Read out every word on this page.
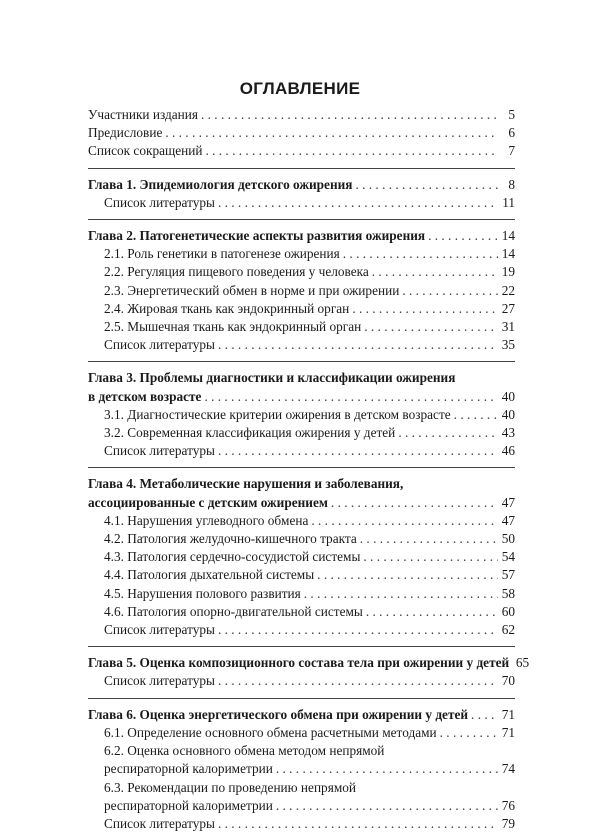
ОГЛАВЛЕНИЕ
Участники издания . . .	5
Предисловие . . .	6
Список сокращений . . .	7
Глава 1. Эпидемиология детского ожирения . . .	8
Список литературы . . .	11
Глава 2. Патогенетические аспекты развития ожирения . . .	14
2.1. Роль генетики в патогенезе ожирения . . .	14
2.2. Регуляция пищевого поведения у человека . . .	19
2.3. Энергетический обмен в норме и при ожирении . . .	22
2.4. Жировая ткань как эндокринный орган . . .	27
2.5. Мышечная ткань как эндокринный орган . . .	31
Список литературы . . .	35
Глава 3. Проблемы диагностики и классификации ожирения
в детском возрасте . . .	40
3.1. Диагностические критерии ожирения в детском возрасте . . .	40
3.2. Современная классификация ожирения у детей . . .	43
Список литературы . . .	46
Глава 4. Метаболические нарушения и заболевания,
ассоциированные с детским ожирением . . .	47
4.1. Нарушения углеводного обмена . . .	47
4.2. Патология желудочно-кишечного тракта . . .	50
4.3. Патология сердечно-сосудистой системы . . .	54
4.4. Патология дыхательной системы . . .	57
4.5. Нарушения полового развития . . .	58
4.6. Патология опорно-двигательной системы . . .	60
Список литературы . . .	62
Глава 5. Оценка композиционного состава тела при ожирении у детей 65
Список литературы . . .	70
Глава 6. Оценка энергетического обмена при ожирении у детей . . .	71
6.1. Определение основного обмена расчетными методами . . .	71
6.2. Оценка основного обмена методом непрямой
респираторной калориметрии . . .	74
6.3. Рекомендации по проведению непрямой
респираторной калориметрии . . .	76
Список литературы . . .	79
